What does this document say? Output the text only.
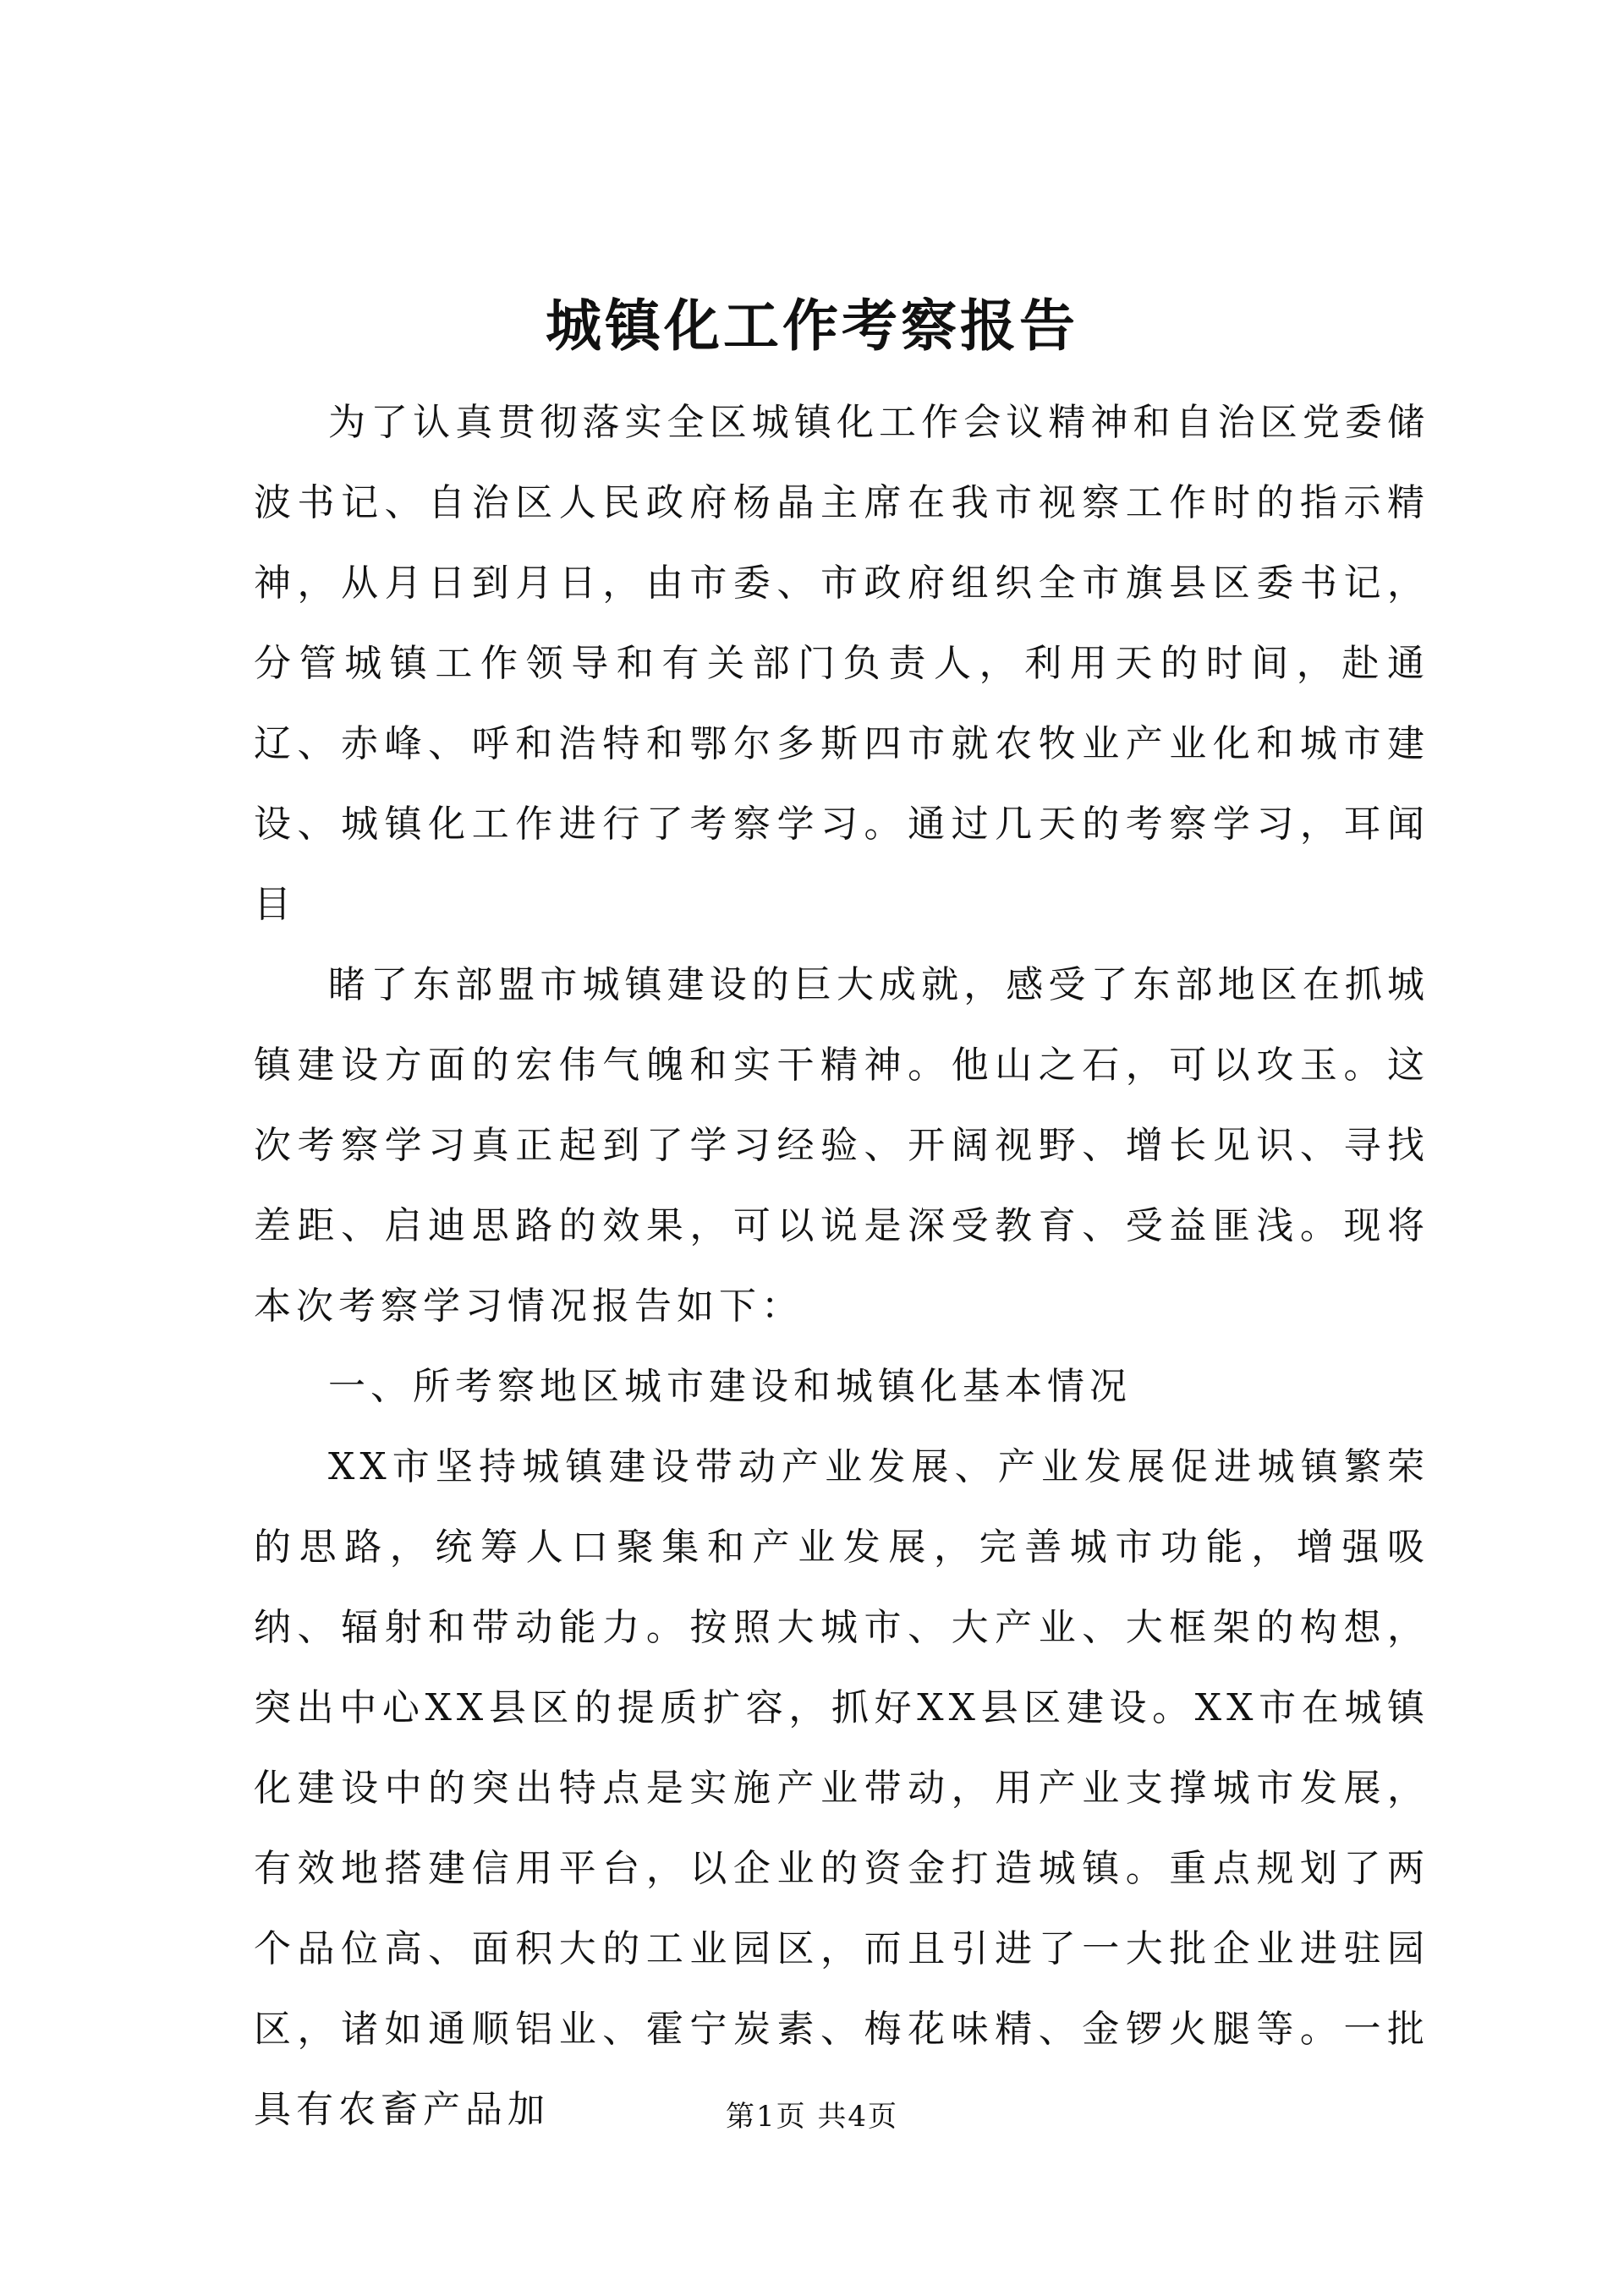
城镇化工作考察报告

为了认真贯彻落实全区城镇化工作会议精神和自治区党委储波书记、自治区人民政府杨晶主席在我市视察工作时的指示精神，从月日到月日，由市委、市政府组织全市旗县区委书记，分管城镇工作领导和有关部门负责人，利用天的时间，赴通辽、赤峰、呼和浩特和鄂尔多斯四市就农牧业产业化和城市建设、城镇化工作进行了考察学习。通过几天的考察学习，耳闻目

睹了东部盟市城镇建设的巨大成就，感受了东部地区在抓城镇建设方面的宏伟气魄和实干精神。他山之石，可以攻玉。这次考察学习真正起到了学习经验、开阔视野、增长见识、寻找差距、启迪思路的效果，可以说是深受教育、受益匪浅。现将本次考察学习情况报告如下：

一、所考察地区城市建设和城镇化基本情况

XX市坚持城镇建设带动产业发展、产业发展促进城镇繁荣的思路，统筹人口聚集和产业发展，完善城市功能，增强吸纳、辐射和带动能力。按照大城市、大产业、大框架的构想，突出中心XX县区的提质扩容，抓好XX县区建设。XX市在城镇化建设中的突出特点是实施产业带动，用产业支撑城市发展，有效地搭建信用平台，以企业的资金打造城镇。重点规划了两个品位高、面积大的工业园区，而且引进了一大批企业进驻园区，诸如通顺铝业、霍宁炭素、梅花味精、金锣火腿等。一批具有农畜产品加	第1页 共4页
